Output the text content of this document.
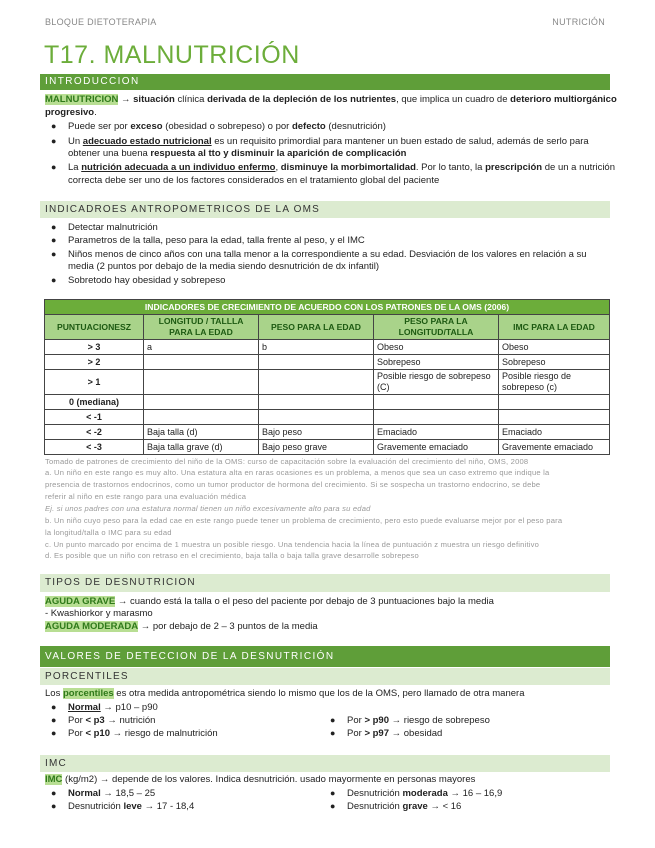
BLOQUE DIETOTERAPIA	NUTRICIÓN
T17. MALNUTRICIÓN
INTRODUCCION
MALNUTRICION → situación clínica derivada de la depleción de los nutrientes, que implica un cuadro de deterioro multiorgánico
progresivo.
● Puede ser por exceso (obesidad o sobrepeso) o por defecto (desnutrición)
● Un adecuado estado nutricional es un requisito primordial para mantener un buen estado de salud, además de serlo para
obtener una buena respuesta al tto y disminuir la aparición de complicación
● La nutrición adecuada a un individuo enfermo, disminuye la morbimortalidad. Por lo tanto, la prescripción de un a nutrición
correcta debe ser uno de los factores considerados en el tratamiento global del paciente
INDICADROES ANTROPOMETRICOS DE LA OMS
● Detectar malnutrición
● Parametros de la talla, peso para la edad, talla frente al peso, y el IMC
● Niños menos de cinco años con una talla menor a la correspondiente a su edad. Desviación de los valores en relación a su
media (2 puntos por debajo de la media siendo desnutrición de dx infantil)
● Sobretodo hay obesidad y sobrepeso
INDICADORES DE CRECIMIENTO DE ACUERDO CON LOS PATRONES DE LA OMS (2006)				
PUNTUACIONESZ	LONGITUD / TALLLA PARA LA EDAD	PESO PARA LA EDAD	PESO PARA LA LONGITUD/TALLA	IMC PARA LA EDAD
> 3	a	b	Obeso	Obeso
> 2			Sobrepeso	Sobrepeso
> 1			Posible riesgo de sobrepeso (C)	Posible riesgo de sobrepeso (c)
0 (mediana)				
< -1				
< -2	Baja talla (d)	Bajo peso	Emaciado	Emaciado
< -3	Baja talla grave (d)	Bajo peso grave	Gravemente emaciado	Gravemente emaciado
Tomado de patrones de crecimiento del niño de la OMS: curso de capacitación sobre la evaluación del crecimiento del niño, OMS, 2008
a. Un niño en este rango es muy alto. Una estatura alta en raras ocasiones es un problema, a menos que sea un caso extremo que indique la
presencia de trastornos endocrinos, como un tumor productor de hormona del crecimiento. Si se sospecha un trastorno endocrino, se debe
referir al niño en este rango para una evaluación médica
Ej. si unos padres con una estatura normal tienen un niño excesivamente alto para su edad
b. Un niño cuyo peso para la edad cae en este rango puede tener un problema de crecimiento, pero esto puede evaluarse mejor por el peso para
la longitud/talla o IMC para su edad
c. Un punto marcado por encima de 1 muestra un posible riesgo. Una tendencia hacia la línea de puntuación z muestra un riesgo definitivo
d. Es posible que un niño con retraso en el crecimiento, baja talla o baja talla grave desarrolle sobrepeso
TIPOS DE DESNUTRICION
AGUDA GRAVE → cuando está la talla o el peso del paciente por debajo de 3 puntuaciones bajo la media
- Kwashiorkor y marasmo
AGUDA MODERADA → por debajo de 2 – 3 puntos de la media
VALORES DE DETECCION DE LA DESNUTRICIÓN
PORCENTILES
Los porcentiles es otra medida antropométrica siendo lo mismo que los de la OMS, pero llamado de otra manera
● Normal → p10 – p90
● Por < p3 → nutrición	● Por > p90 → riesgo de sobrepeso
● Por < p10 → riesgo de malnutrición	● Por > p97 → obesidad
IMC
IMC (kg/m2) → depende de los valores. Indica desnutrición. usado mayormente en personas mayores
● Normal → 18,5 – 25	● Desnutrición moderada → 16 – 16,9
● Desnutrición leve → 17 - 18,4	● Desnutrición grave → < 16
